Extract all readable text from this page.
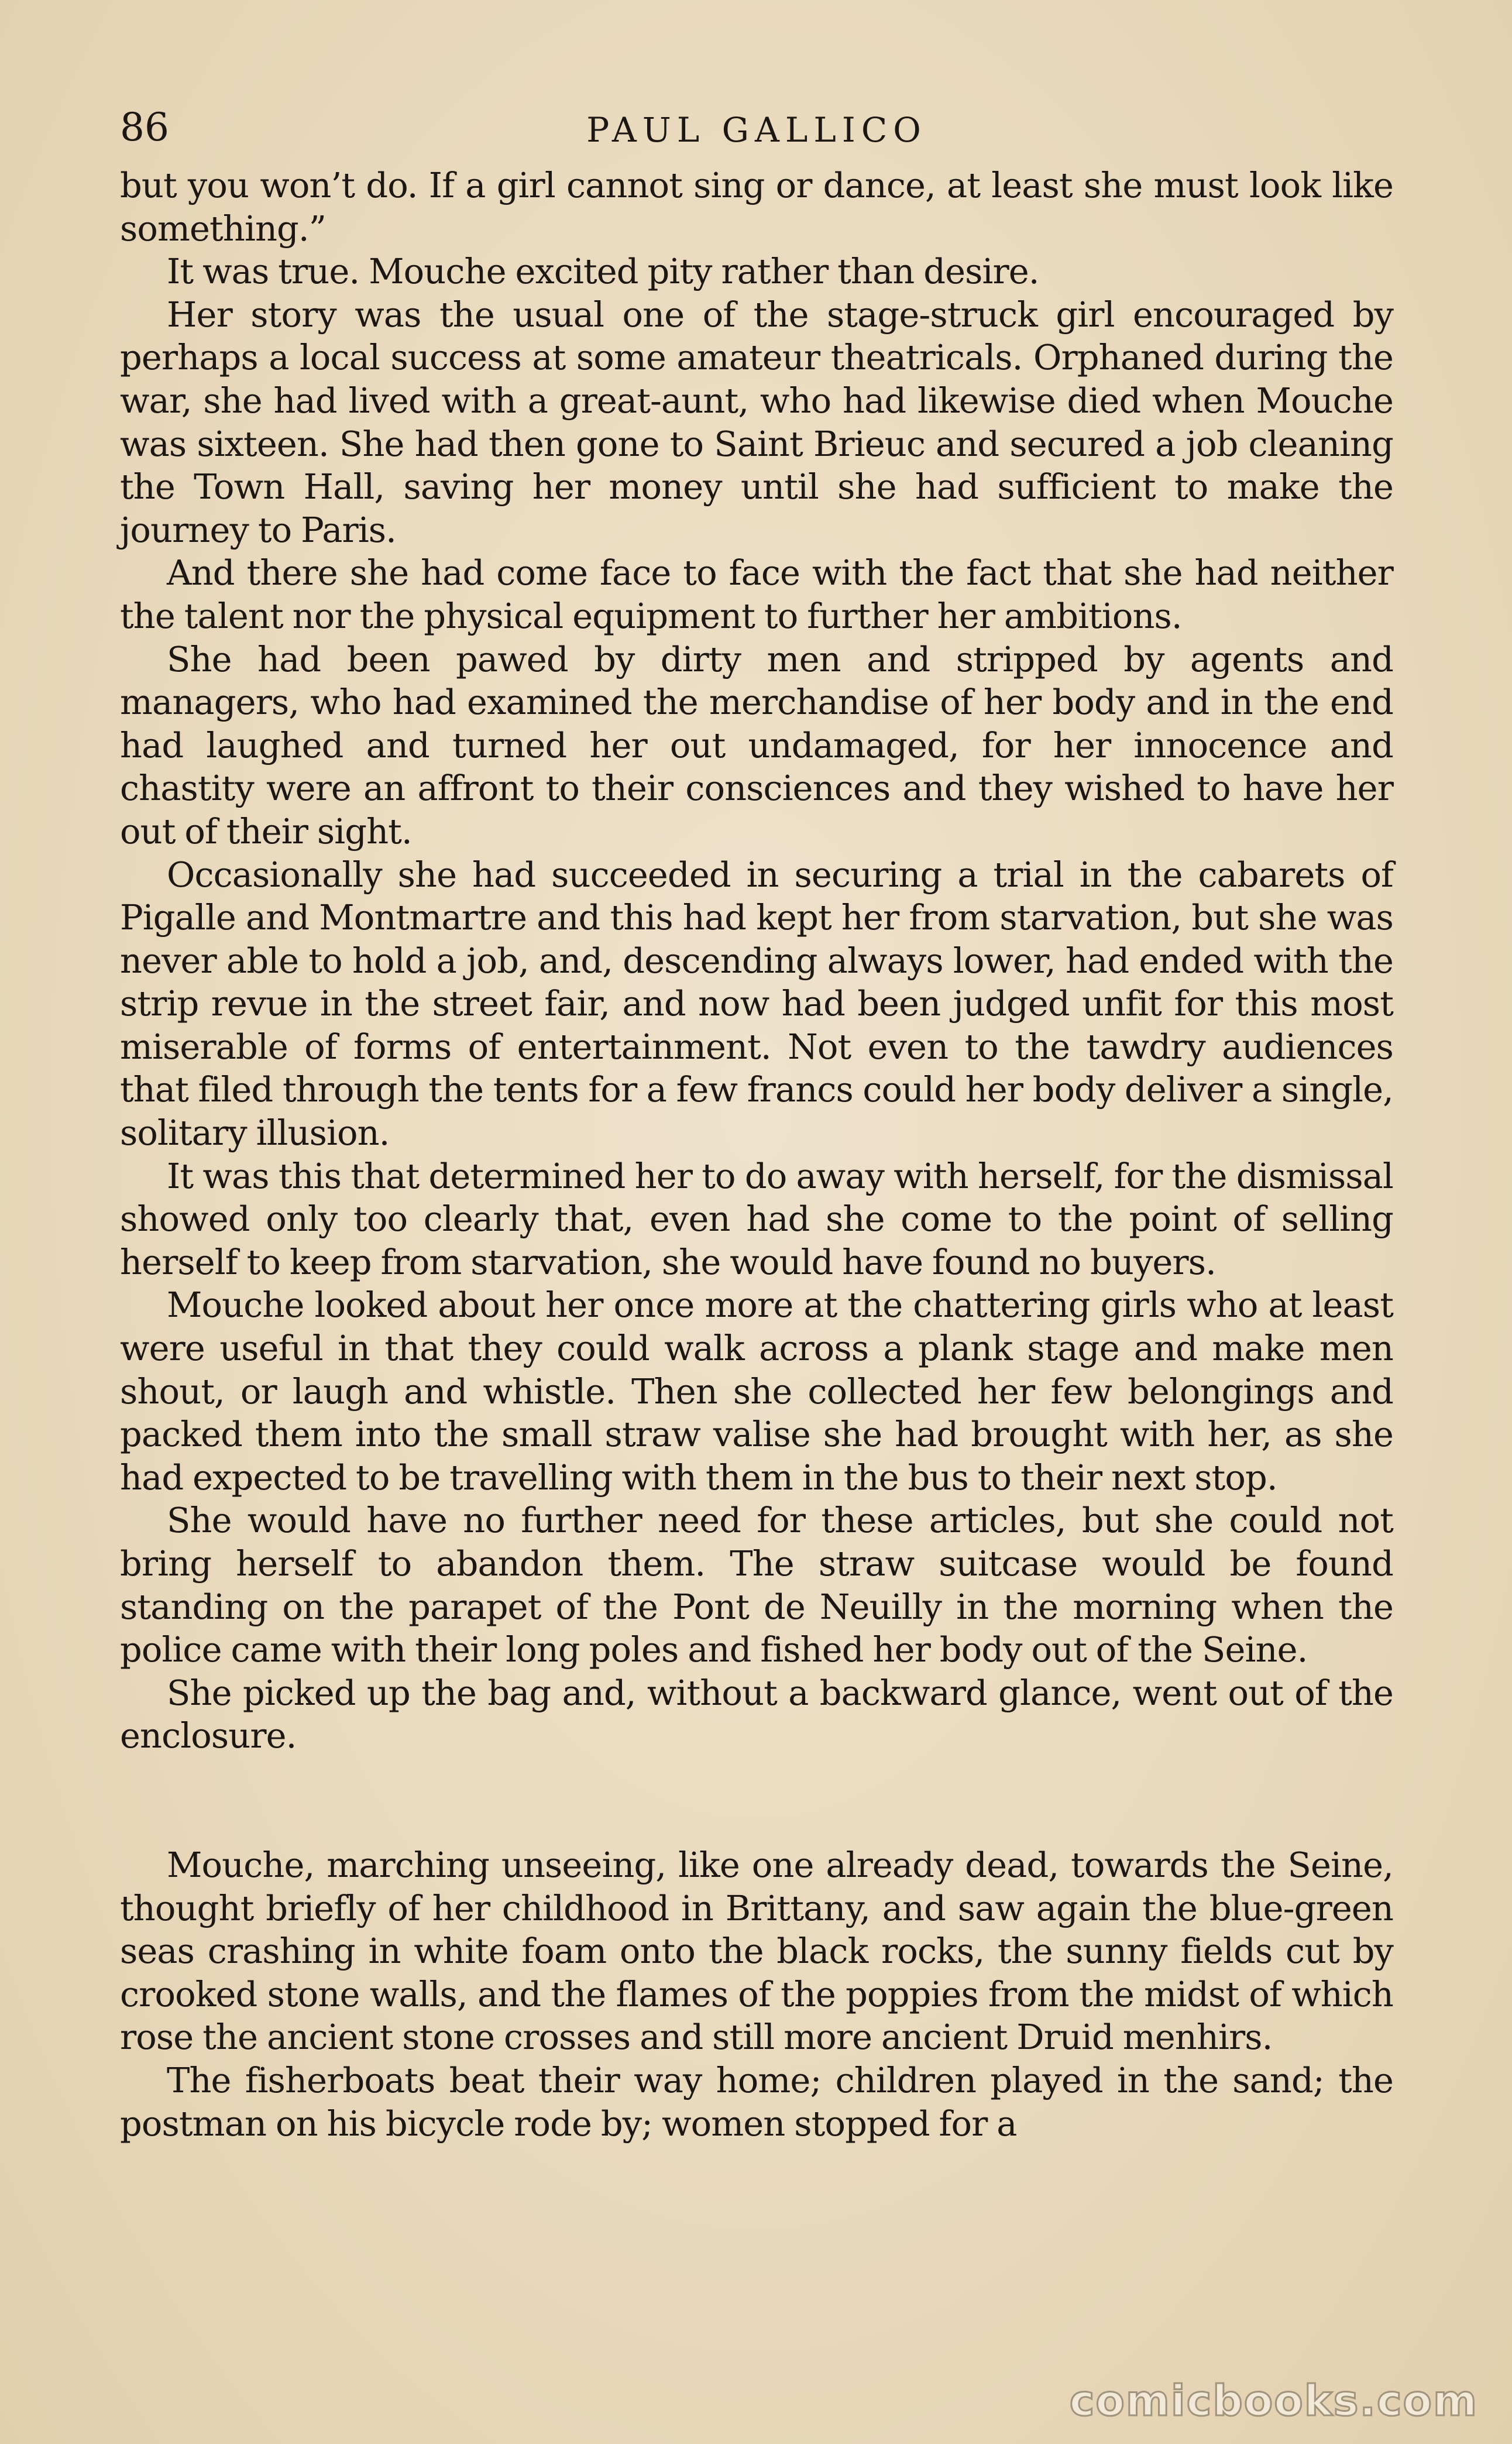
86	PAUL GALLICO

but you won’t do. If a girl cannot sing or dance, at least she must look like something.”

It was true. Mouche excited pity rather than desire.

Her story was the usual one of the stage-struck girl encouraged by perhaps a local success at some amateur theatricals. Orphaned during the war, she had lived with a great-aunt, who had likewise died when Mouche was sixteen. She had then gone to Saint Brieuc and secured a job cleaning the Town Hall, saving her money until she had sufficient to make the journey to Paris.

And there she had come face to face with the fact that she had neither the talent nor the physical equipment to further her ambitions.

She had been pawed by dirty men and stripped by agents and managers, who had examined the merchandise of her body and in the end had laughed and turned her out undamaged, for her innocence and chastity were an affront to their consciences and they wished to have her out of their sight.

Occasionally she had succeeded in securing a trial in the cabarets of Pigalle and Montmartre and this had kept her from starvation, but she was never able to hold a job, and, descending always lower, had ended with the strip revue in the street fair, and now had been judged unfit for this most miserable of forms of entertainment. Not even to the tawdry audiences that filed through the tents for a few francs could her body deliver a single, solitary illusion.

It was this that determined her to do away with herself, for the dismissal showed only too clearly that, even had she come to the point of selling herself to keep from starvation, she would have found no buyers.

Mouche looked about her once more at the chattering girls who at least were useful in that they could walk across a plank stage and make men shout, or laugh and whistle. Then she collected her few belongings and packed them into the small straw valise she had brought with her, as she had expected to be travelling with them in the bus to their next stop.

She would have no further need for these articles, but she could not bring herself to abandon them. The straw suitcase would be found standing on the parapet of the Pont de Neuilly in the morning when the police came with their long poles and fished her body out of the Seine.

She picked up the bag and, without a backward glance, went out of the enclosure.

Mouche, marching unseeing, like one already dead, towards the Seine, thought briefly of her childhood in Brittany, and saw again the blue-green seas crashing in white foam onto the black rocks, the sunny fields cut by crooked stone walls, and the flames of the poppies from the midst of which rose the ancient stone crosses and still more ancient Druid menhirs.

The fisherboats beat their way home; children played in the sand; the postman on his bicycle rode by; women stopped for a

comicbooks.com
